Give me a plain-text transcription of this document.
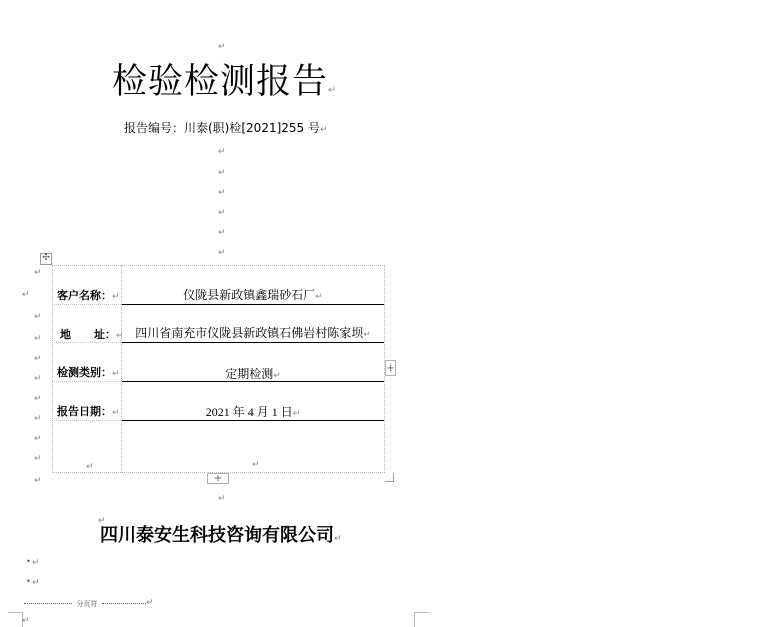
↵
检验检测报告↵
报告编号：川泰(职)检[2021]255 号↵
↵
↵
↵
↵
↵
↵
✣
↵
↵
↵
↵
↵
↵
↵
↵
↵
↵
↵
客户名称：↵	仪陇县新政镇鑫瑞砂石厂↵
地      址：↵ 四川省南充市仪陇县新政镇石佛岩村陈家坝↵
检测类别：↵	定期检测↵
报告日期：↵	2021 年 4 月 1 日↵
↵	↵
+
+
↵
↵
四川泰安生科技咨询有限公司↵
• ↵
• ↵
分页符	↵
↵
